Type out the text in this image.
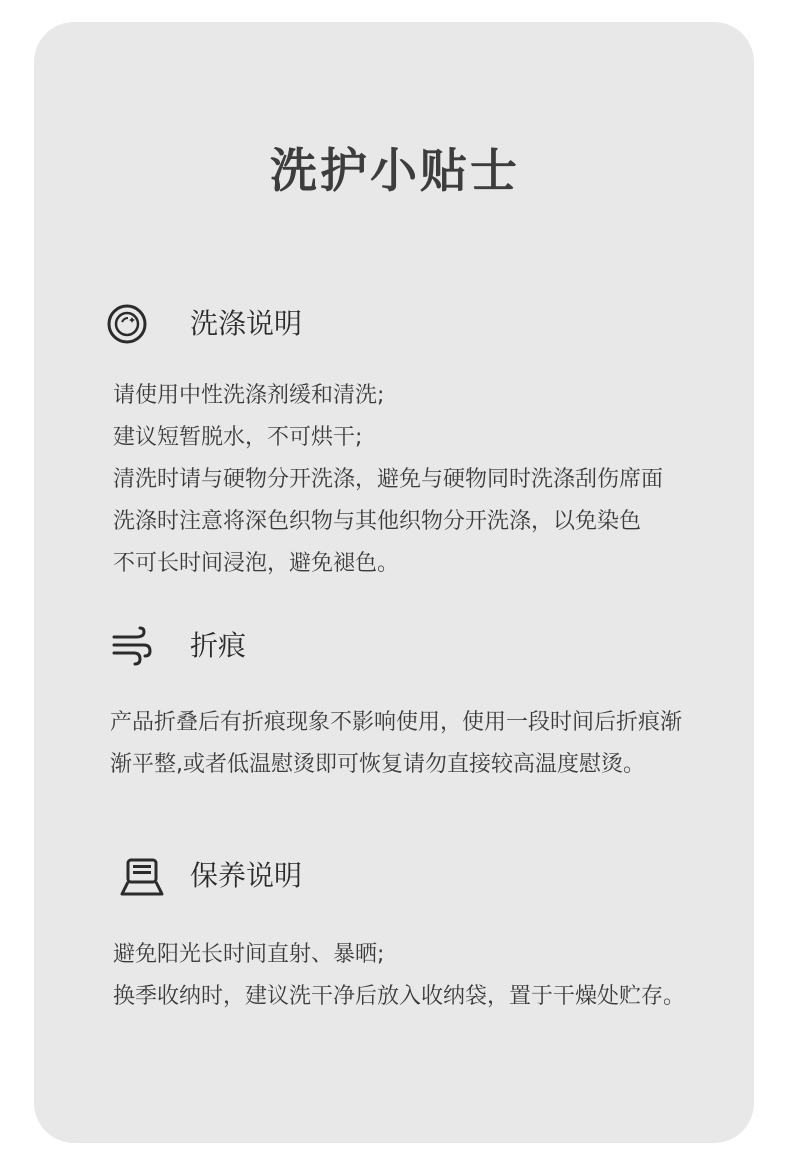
洗护小贴士
洗涤说明
请使用中性洗涤剂缓和清洗;
建议短暂脱水，不可烘干;
清洗时请与硬物分开洗涤，避免与硬物同时洗涤刮伤席面
洗涤时注意将深色织物与其他织物分开洗涤，以免染色
不可长时间浸泡，避免褪色。
折痕
产品折叠后有折痕现象不影响使用，使用一段时间后折痕渐
渐平整,或者低温慰烫即可恢复请勿直接较高温度慰烫。
保养说明
避免阳光长时间直射、暴晒;
换季收纳时，建议洗干净后放入收纳袋，置于干燥处贮存。
